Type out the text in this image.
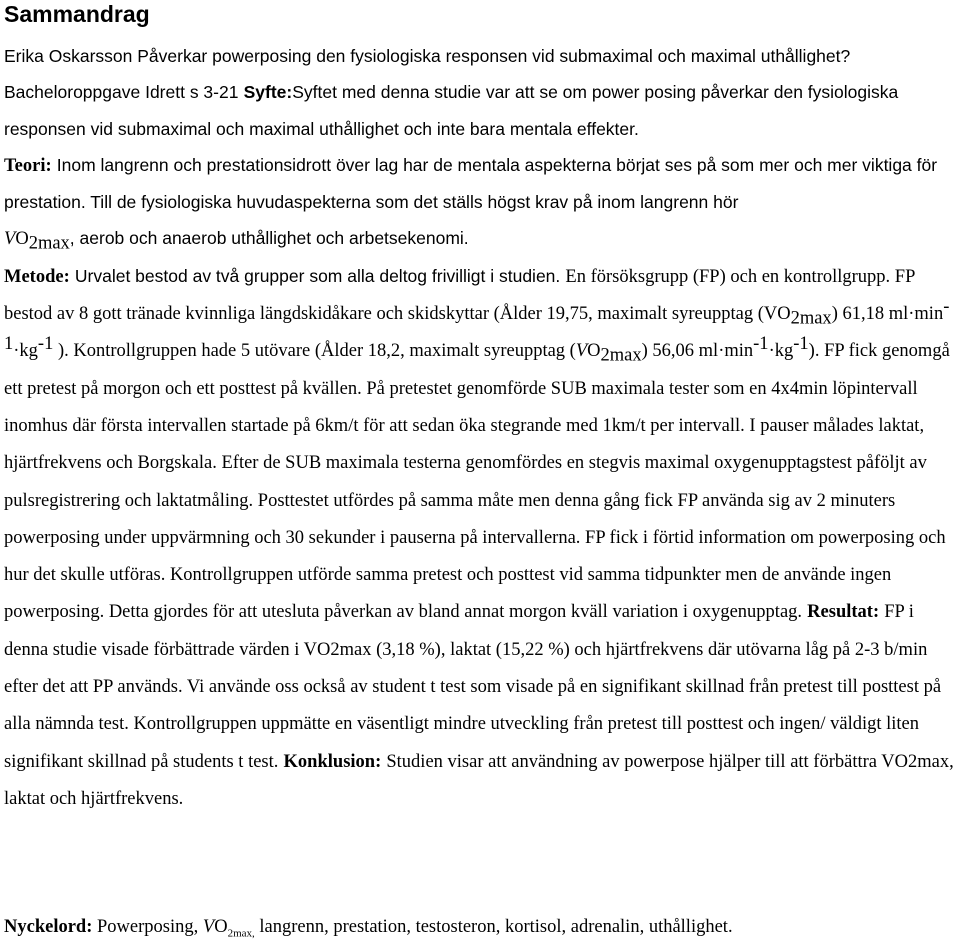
Sammandrag

Erika Oskarsson Påverkar powerposing den fysiologiska responsen vid submaximal och maximal uthållighet? Bacheloroppgave Idrett s 3-21 Syfte:Syftet med denna studie var att se om power posing påverkar den fysiologiska responsen vid submaximal och maximal uthållighet och inte bara mentala effekter.
Teori: Inom langrenn och prestationsidrott över lag har de mentala aspekterna börjat ses på som mer och mer viktiga för prestation. Till de fysiologiska huvudaspekterna som det ställs högst krav på inom langrenn hör
$VO_{2max}$, aerob och anaerob uthållighet och arbetsekenomi.
Metode: Urvalet bestod av två grupper som alla deltog frivilligt i studien. En försöksgrupp (FP) och en kontrollgrupp. FP bestod av 8 gott tränade kvinnliga längdskidåkare och skidskyttar (Ålder 19,75, maximalt syreupptag $(VO_{2max})$ 61,18 $ml\cdot\min^{-1}\cdot kg^{-1}$ ). Kontrollgruppen hade 5 utövare (Ålder 18,2, maximalt syreupptag $(VO_{2max})$ 56,06 $ml\cdot\min^{-1}\cdot kg^{-1}$). FP fick genomgå ett pretest på morgon och ett posttest på kvällen. På pretestet genomförde SUB maximala tester som en 4x4min löpintervall inomhus där första intervallen startade på 6km/t för att sedan öka stegrande med 1km/t per intervall. I pauser målades laktat, hjärtfrekvens och Borgskala. Efter de SUB maximala testerna genomfördes en stegvis maximal oxygenupptagstest påföljt av pulsregistrering och laktatmåling. Posttestet utfördes på samma måte men denna gång fick FP använda sig av 2 minuters powerposing under uppvärmning och 30 sekunder i pauserna på intervallerna. FP fick i förtid information om powerposing och hur det skulle utföras. Kontrollgruppen utförde samma pretest och posttest vid samma tidpunkter men de använde ingen powerposing. Detta gjordes för att utesluta påverkan av bland annat morgon kväll variation i oxygenupptag. Resultat: FP i denna studie visade förbättrade värden i VO2max (3,18 %), laktat (15,22 %) och hjärtfrekvens där utövarna låg på 2-3 b/min efter det att PP används. Vi använde oss också av student t test som visade på en signifikant skillnad från pretest till posttest på alla nämnda test. Kontrollgruppen uppmätte en väsentligt mindre utveckling från pretest till posttest och ingen/ väldigt liten signifikant skillnad på students t test. Konklusion: Studien visar att användning av powerpose hjälper till att förbättra VO2max, laktat och hjärtfrekvens.

Nyckelord: Powerposing, $VO_{2max,}$ langrenn, prestation, testosteron, kortisol, adrenalin, uthållighet.
